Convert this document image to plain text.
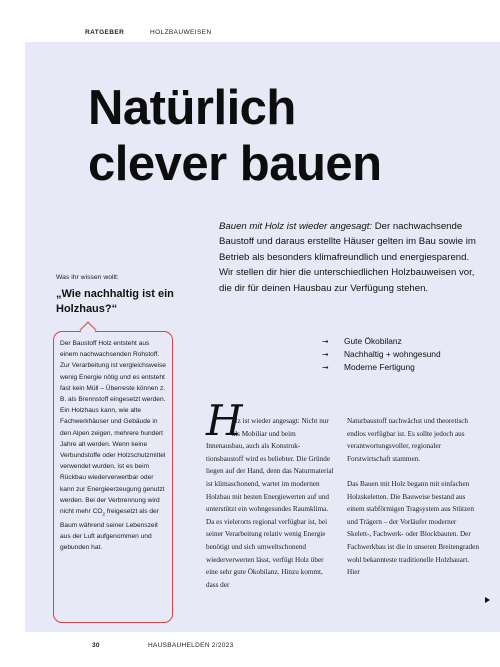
RATGEBER	HOLZBAUWEISEN
Natürlich
clever bauen

Bauen mit Holz ist wieder angesagt: Der nachwachsende Baustoff und daraus erstellte Häuser gelten im Bau sowie im Betrieb als besonders klimafreundlich und energiesparend. Wir stellen dir hier die unterschiedlichen Holzbauweisen vor, die dir für deinen Hausbau zur Verfügung stehen.

Was ihr wissen wollt:
„Wie nachhaltig ist ein Holzhaus?“

Der Baustoff Holz entsteht aus einem nachwachsenden Rohstoff. Zur Verarbeitung ist vergleichsweise wenig Energie nötig und es entsteht fast kein Müll – Überreste können z. B. als Brennstoff eingesetzt werden. Ein Holzhaus kann, wie alte Fachwerkhäuser und Gebäude in den Alpen zeigen, mehrere hundert Jahre alt werden. Wenn keine Verbundstoffe oder Holzschutzmittel verwendet wurden, ist es beim Rückbau wiederverwertbar oder kann zur Energieerzeugung genutzt werden. Bei der Verbrennung wird nicht mehr $CO_2$ freigesetzt als der Baum während seiner Lebenszeit aus der Luft aufgenommen und gebunden hat.

➞ Gute Ökobilanz
➞ Nachhaltig + wohngesund
➞ Moderne Fertigung
H
olz ist wieder angesagt: Nicht nur als Mobiliar und beim
Innenausbau, auch als Konstruktionsbaustoff wird es beliebter. Die Gründe liegen auf der Hand, denn das Naturmaterial ist klimaschonend, wartet im modernen Holzbau mit besten Energiewerten auf und unterstützt ein wohngesundes Raumklima. Da es vielerorts regional verfügbar ist, bei seiner Verarbeitung relativ wenig Energie benötigt und sich umweltschonend wiederverwerten lässt, verfügt Holz über eine sehr gute Ökobilanz. Hinzu kommt, dass der

Naturbaustoff nachwächst und theoretisch endlos verfügbar ist. Es sollte jedoch aus verantwortungsvoller, regionaler Forstwirtschaft stammen.

Das Bauen mit Holz begann mit einfachen Holzskeletten. Die Bauweise bestand aus einem stabförmigen Tragsystem aus Stützen und Trägern – der Vorläufer moderner Skelett-, Fachwerk- oder Blockbauten. Der Fachwerkbau ist die in unseren Breitengraden wohl bekannteste traditionelle Holzbauart. Hier

30	HAUSBAUHELDEN 2/2023
